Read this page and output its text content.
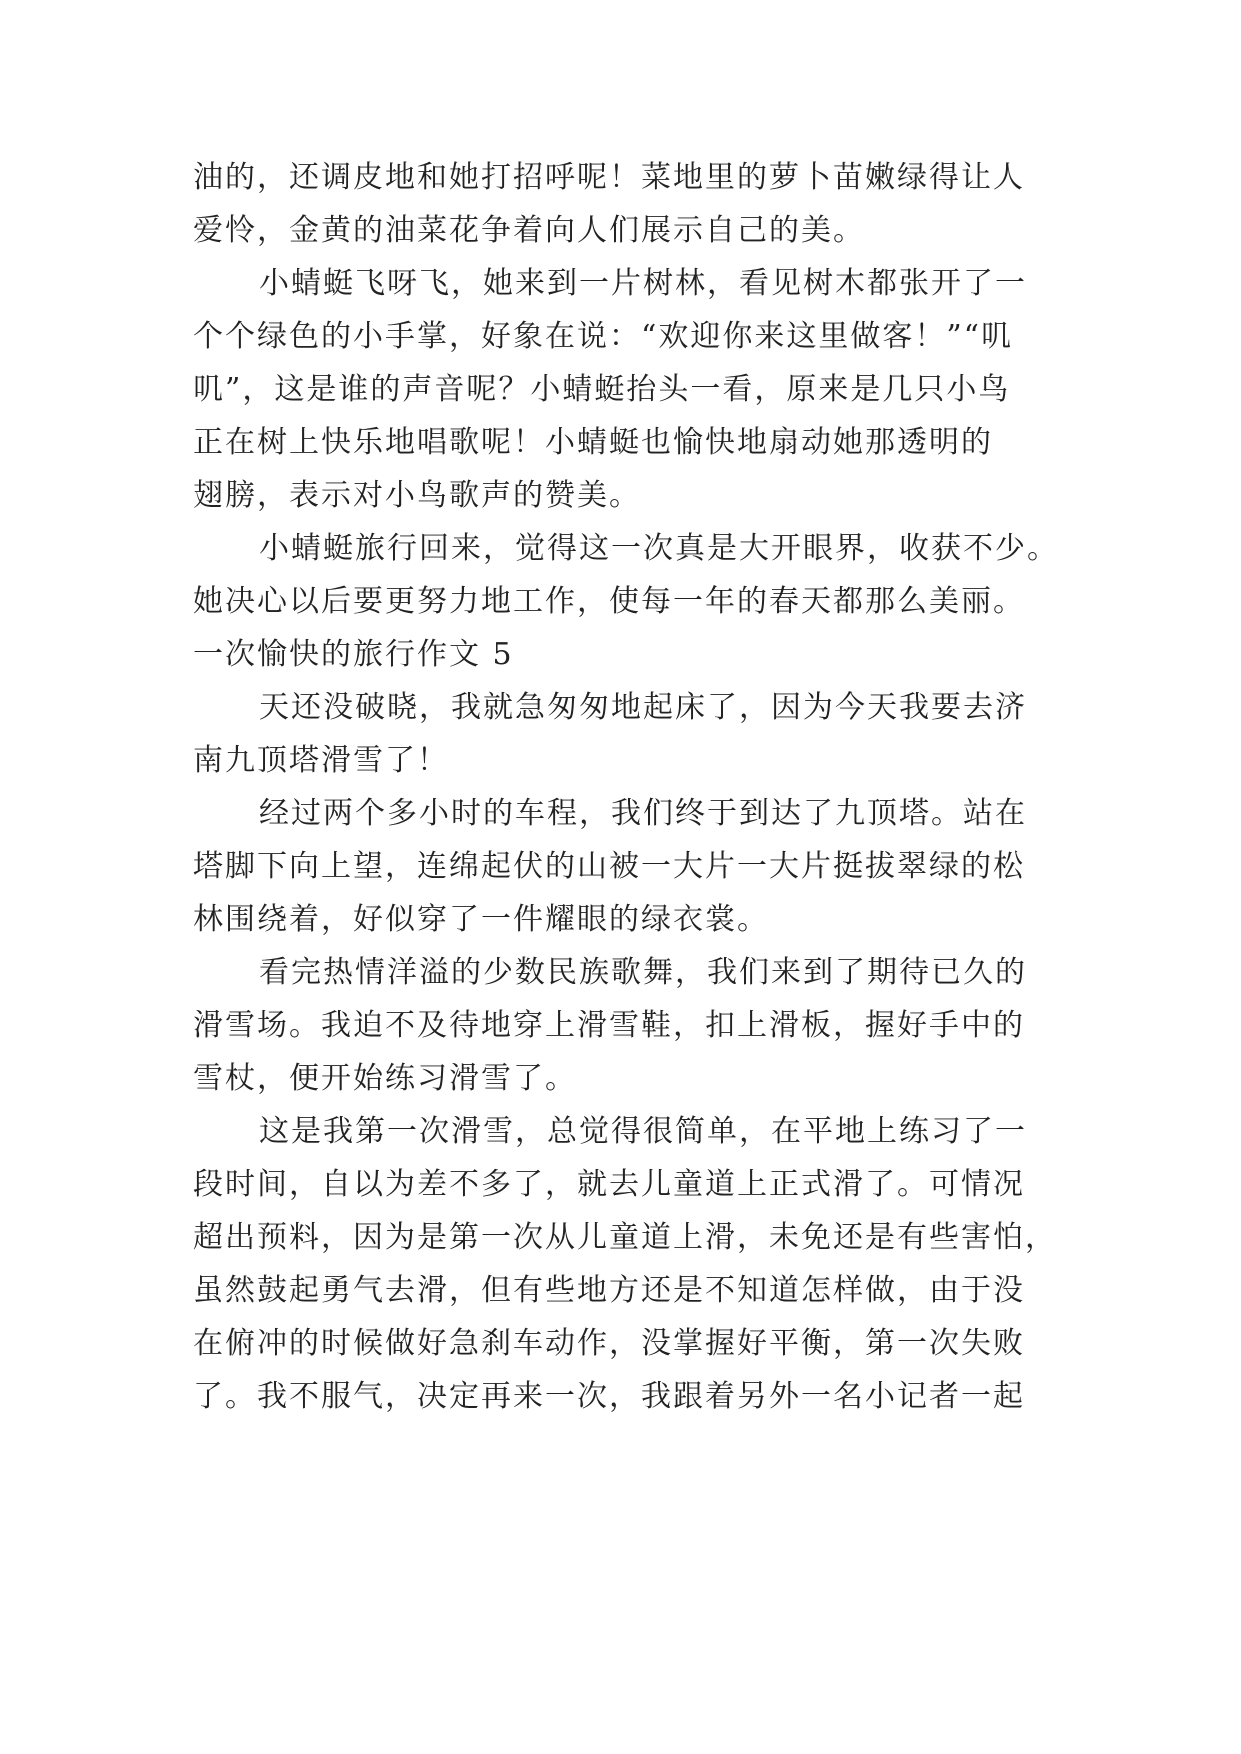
油的，还调皮地和她打招呼呢！菜地里的萝卜苗嫩绿得让人
爱怜，金黄的油菜花争着向人们展示自己的美。
小蜻蜓飞呀飞，她来到一片树林，看见树木都张开了一
个个绿色的小手掌，好象在说：“欢迎你来这里做客！”“叽
叽”，这是谁的声音呢？小蜻蜓抬头一看，原来是几只小鸟
正在树上快乐地唱歌呢！小蜻蜓也愉快地扇动她那透明的
翅膀，表示对小鸟歌声的赞美。
小蜻蜓旅行回来，觉得这一次真是大开眼界，收获不少。
她决心以后要更努力地工作，使每一年的春天都那么美丽。
一次愉快的旅行作文 5
天还没破晓，我就急匆匆地起床了，因为今天我要去济
南九顶塔滑雪了！
经过两个多小时的车程，我们终于到达了九顶塔。站在
塔脚下向上望，连绵起伏的山被一大片一大片挺拔翠绿的松
林围绕着，好似穿了一件耀眼的绿衣裳。
看完热情洋溢的少数民族歌舞，我们来到了期待已久的
滑雪场。我迫不及待地穿上滑雪鞋，扣上滑板，握好手中的
雪杖，便开始练习滑雪了。
这是我第一次滑雪，总觉得很简单，在平地上练习了一
段时间，自以为差不多了，就去儿童道上正式滑了。可情况
超出预料，因为是第一次从儿童道上滑，未免还是有些害怕，
虽然鼓起勇气去滑，但有些地方还是不知道怎样做，由于没
在俯冲的时候做好急刹车动作，没掌握好平衡，第一次失败
了。我不服气，决定再来一次，我跟着另外一名小记者一起
